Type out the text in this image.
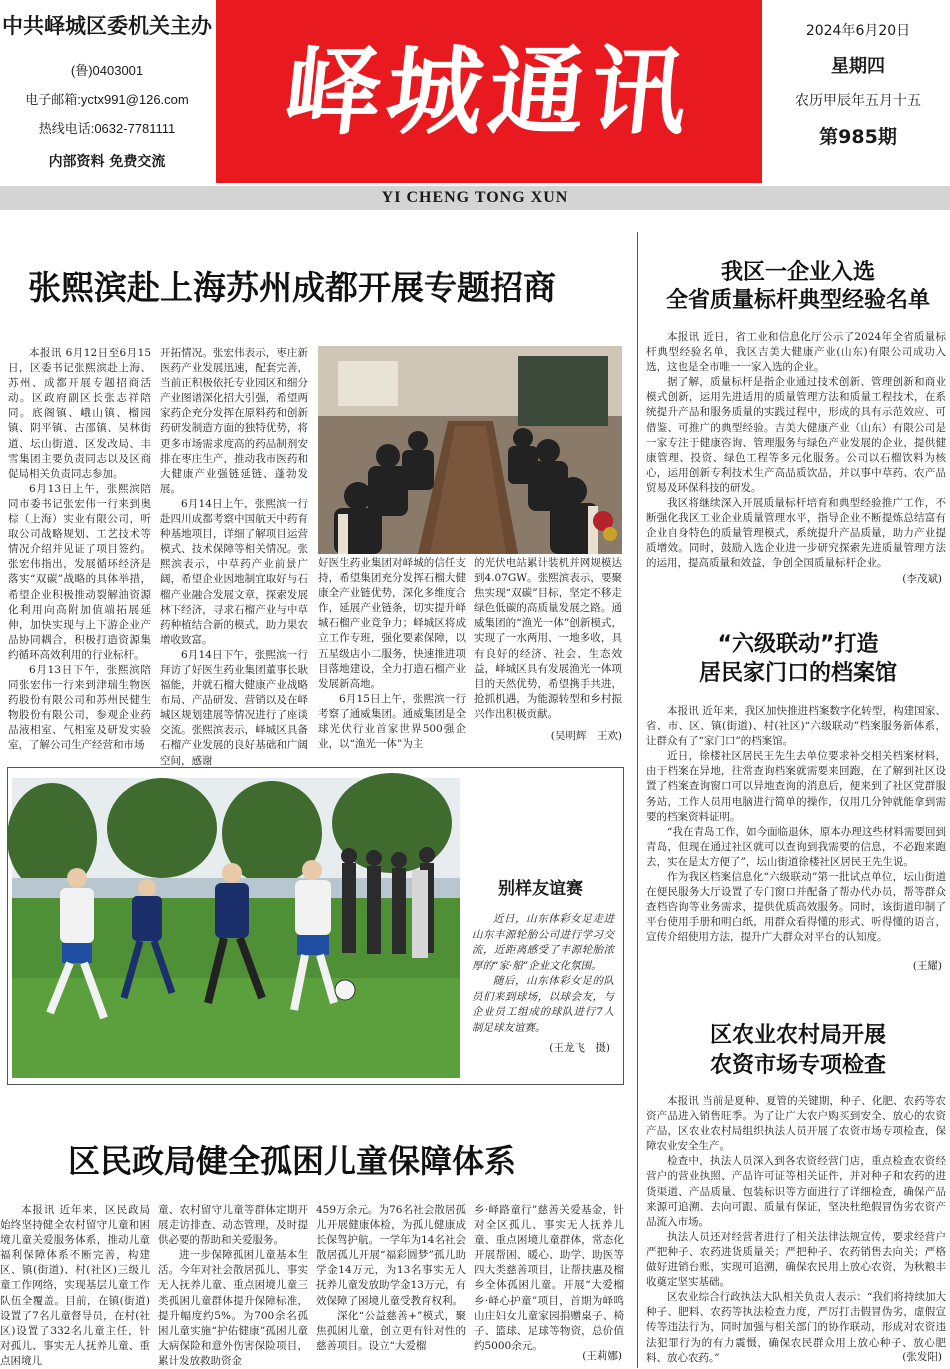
中共峄城区委机关主办
(鲁)0403001
电子邮箱:yctx991@126.com
热线电话:0632-7781111
内部资料 免费交流
峄城通讯
2024年6月20日
星期四
农历甲辰年五月十五
第985期
YI CHENG TONG XUN
张熙滨赴上海苏州成都开展专题招商

本报讯 6月12日至6月15日，区委书记张熙滨赴上海、苏州、成都开展专题招商活动。区政府副区长张志祥陪同。底阁镇、峨山镇、榴园镇、阴平镇、古邵镇、吴林街道、坛山街道、区发改局、丰雪集团主要负责同志以及区商促局相关负责同志参加。

6月13日上午，张熙滨陪同市委书记张宏伟一行来到奥棕（上海）实业有限公司，听取公司战略规划、工艺技术等情况介绍并见证了项目签约。张宏伟指出，发展循环经济是落实“双碳”战略的具体举措，希望企业积极推动裂解油资源化利用向高附加值端拓展延伸，加快实现与上下游企业产品协同耦合，积极打造资源集约循环高效利用的行业标杆。

6月13日下午，张熙滨陪同张宏伟一行来到津瑞生物医药股份有限公司和苏州民健生物股份有限公司，参观企业药品液相室、气相室及研发实验室，了解公司生产经营和市场

开拓情况。张宏伟表示，枣庄新医药产业发展迅速，配套完善，当前正积极依托专业园区和细分产业图谱深化招大引强，希望两家药企充分发挥在原料药和创新药研发制造方面的独特优势，将更多市场需求度高的药品制剂安排在枣庄生产，推动我市医药和大健康产业强链延链、蓬勃发展。

6月14日上午，张熙滨一行赴四川成都考察中国航天中药育种基地项目，详细了解项目运营模式、技术保障等相关情况。张熙滨表示，中草药产业前景广阔，希望企业因地制宜取好与石榴产业融合发展文章，探索发展林下经济，寻求石榴产业与中草药种植结合新的模式，助力果农增收致富。

6月14日下午，张熙滨一行拜访了好医生药业集团董事长耿福能，并就石榴大健康产业战略布局、产品研发、营销以及在峄城区规划建展等情况进行了座谈交流。张熙滨表示，峄城区具备石榴产业发展的良好基础和广阔空间，感谢

好医生药业集团对峄城的信任支持，希望集团充分发挥石榴大健康全产业链优势，深化多维度合作，延展产业链条，切实提升峄城石榴产业竞争力；峄城区将成立工作专班，强化要素保障，以五星级店小二服务，快速推进项目落地建设，全力打造石榴产业发展新高地。

6月15日上午，张熙滨一行考察了通威集团。通威集团是全球光伏行业首家世界500强企业，以“渔光一体”为主

的光伏电站累计装机并网规模达到4.07GW。张熙滨表示，要聚焦实现“双碳”目标，坚定不移走绿色低碳的高质量发展之路。通威集团的“渔光一体”创新模式，实现了一水两用、一地多收，具有良好的经济、社会、生态效益，峄城区具有发展渔光一体项目的天然优势，希望携手共进，抢抓机遇，为能源转型和乡村振兴作出积极贡献。

(吴明辉　王欢)
别样友谊赛

近日，山东体彩女足走进山东丰源轮胎公司进行学习交流，近距离感受了丰源轮胎浓厚的“家·船”企业文化氛围。

随后，山东体彩女足的队员们来到球场，以球会友，与企业员工组成的球队进行7人制足球友谊赛。

(王龙飞　摄)
区民政局健全孤困儿童保障体系

本报讯 近年来，区民政局始终坚持健全农村留守儿童和困境儿童关爱服务体系，推动儿童福利保障体系不断完善，构建区、镇(街道)、村(社区)三级儿童工作网络，实现基层儿童工作队伍全覆盖。目前，在镇(街道)设置了7名儿童督导员，在村(社区)设置了332名儿童主任，针对孤儿、事实无人抚养儿童、重点困境儿

童、农村留守儿童等群体定期开展走访排查、动态管理，及时提供必要的帮助和关爱服务。

进一步保障孤困儿童基本生活。今年对社会散居孤儿、事实无人抚养儿童、重点困境儿童三类孤困儿童群体提升保障标准，提升幅度约5%。为700余名孤困儿童实施“护佑健康”孤困儿童大病保险和意外伤害保险项目，累计发放救助资金

459万余元。为76名社会散居孤儿开展健康体检，为孤儿健康成长保驾护航。一学年为14名社会散居孤儿开展“福彩圆梦”孤儿助学金14万元，为13名事实无人抚养儿童发放助学金13万元，有效保障了困境儿童受教育权利。

深化“公益慈善+”模式，聚焦孤困儿童，创立更有针对性的慈善项目。设立“大爱榴

乡·峄路童行”慈善关爱基金，针对全区孤儿、事实无人抚养儿童、重点困境儿童群体，常态化开展帮困、暖心、助学、助医等四大类慈善项目，让帮扶惠及榴乡全体孤困儿童。开展“大爱榴乡·峄心护童”项目，首期为峄鸣山庄妇女儿童家园捐赠桌子、椅子、篮球、足球等物资，总价值约5000余元。

(王莉娜)
我区一企业入选
全省质量标杆典型经验名单

本报讯 近日，省工业和信息化厅公示了2024年全省质量标杆典型经验名单，我区吉美大健康产业(山东)有限公司成功入选，这也是全市唯一一家入选的企业。

据了解，质量标杆是指企业通过技术创新、管理创新和商业模式创新，运用先进适用的质量管理方法和质量工程技术，在系统提升产品和服务质量的实践过程中，形成的具有示范效应、可借鉴、可推广的典型经验。吉美大健康产业（山东）有限公司是一家专注于健康咨询、管理服务与绿色产业发展的企业，提供健康管理、投资、绿色工程等多元化服务。公司以石榴饮料为核心，运用创新专利技术生产高品质饮品，并以事中草药、农产品贸易及环保科技的研发。

我区将继续深入开展质量标杆培育和典型经验推广工作，不断强化我区工业企业质量管理水平，指导企业不断提炼总结富有企业自身特色的质量管理模式，系统提升产品质量，助力产业提质增效。同时，鼓励入选企业进一步研究探索先进质量管理方法的运用，提高质量和效益，争创全国质量标杆企业。

(李茂斌)
“六级联动”打造
居民家门口的档案馆

本报讯 近年来，我区加快推进档案数字化转型，构建国家、省、市、区、镇(街道)、村(社区)“六级联动”档案服务新体系，让群众有了“家门口”的档案馆。

近日，徐楼社区居民王先生去单位要求补交相关档案材料，由于档案在异地，往常查询档案就需要来回跑，在了解到社区设置了档案查询窗口可以异地查询的消息后，便来到了社区党群服务站，工作人员用电脑进行简单的操作，仅用几分钟就能拿到需要的档案资料证明。

“我在青岛工作，如今面临退休，原本办理这些材料需要回到青岛，但现在通过社区就可以查询到我需要的信息，不必跑来跑去，实在是太方便了”，坛山街道徐楼社区居民王先生说。

作为我区档案信息化“六级联动”第一批试点单位，坛山街道在便民服务大厅设置了专门窗口并配备了帮办代办员，帮等群众查档咨询等业务需求，提供优质高效服务。同时，该街道印制了平台使用手册和明白纸，用群众看得懂的形式、听得懂的语言，宣传介绍使用方法，提升广大群众对平台的认知度。

(王耀)
区农业农村局开展
农资市场专项检查

本报讯 当前是夏种、夏管的关键期，种子、化肥、农药等农资产品进入销售旺季。为了让广大农户购买到安全、放心的农资产品，区农业农村局组织执法人员开展了农资市场专项检查，保障农业安全生产。

检查中，执法人员深入到各农资经营门店，重点检查农资经营户的营业执照、产品许可证等相关证件，并对种子和农药的进货渠道、产品质量、包装标识等方面进行了详细检查，确保产品来源可追溯、去向可跟、质量有保证，坚决杜绝假冒伪劣农资产品流入市场。

执法人员还对经营者进行了相关法律法规宣传，要求经营户严把种子、农药进货质量关；严把种子、农药销售去向关；严格做好进销台账，实现可追溯，确保农民用上放心农资，为秋粮丰收奠定坚实基础。

区农业综合行政执法大队相关负责人表示：“我们将持续加大种子、肥料、农药等执法检查力度，严厉打击假冒伪劣，虚假宣传等违法行为，同时加强与相关部门的协作联动，形成对农资违法犯罪行为的有力震慑，确保农民群众用上放心种子、放心肥料、放心农药。”	(张发阳)
